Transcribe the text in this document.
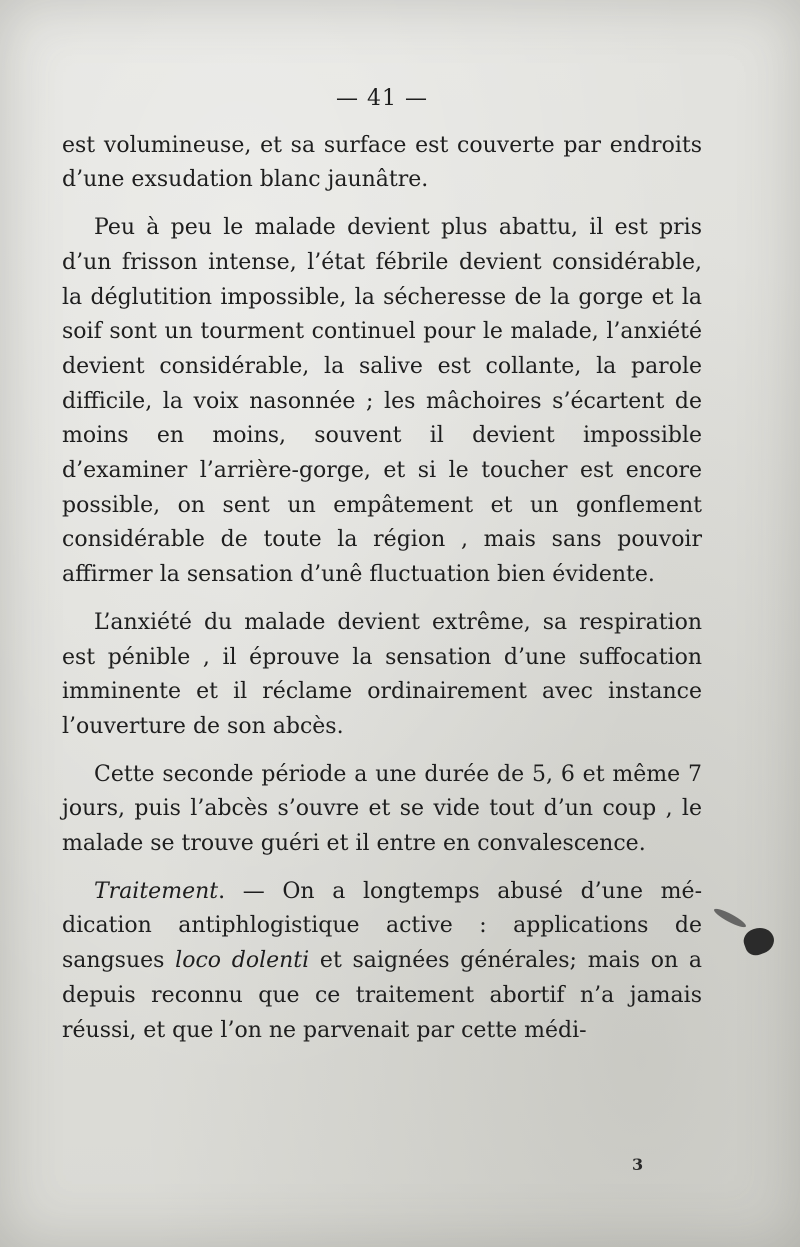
— 41 —

est volumineuse, et sa surface est couverte par endroits d’une exsudation blanc jaunâtre.

Peu à peu le malade devient plus abattu, il est pris d’un frisson intense, l’état fébrile devient considérable, la déglutition impossible, la sécheresse de la gorge et la soif sont un tourment continuel pour le malade, l’anxiété devient considérable, la salive est collante, la parole difficile, la voix nasonnée ; les mâchoires s’écartent de moins en moins, souvent il devient impossible d’examiner l’arrière-gorge, et si le toucher est encore possible, on sent un empâtement et un gonflement considérable de toute la région , mais sans pouvoir affirmer la sensation d’unê fluctuation bien évidente.

L’anxiété du malade devient extrême, sa respiration est pénible , il éprouve la sensation d’une suffocation imminente et il réclame ordinairement avec instance l’ouverture de son abcès.

Cette seconde période a une durée de 5, 6 et même 7 jours, puis l’abcès s’ouvre et se vide tout d’un coup , le malade se trouve guéri et il entre en convalescence.

Traitement. — On a longtemps abusé d’une médication antiphlogistique active : applications de sangsues loco dolenti et saignées générales; mais on a depuis reconnu que ce traitement abortif n’a jamais réussi, et que l’on ne parvenait par cette médi-

3
